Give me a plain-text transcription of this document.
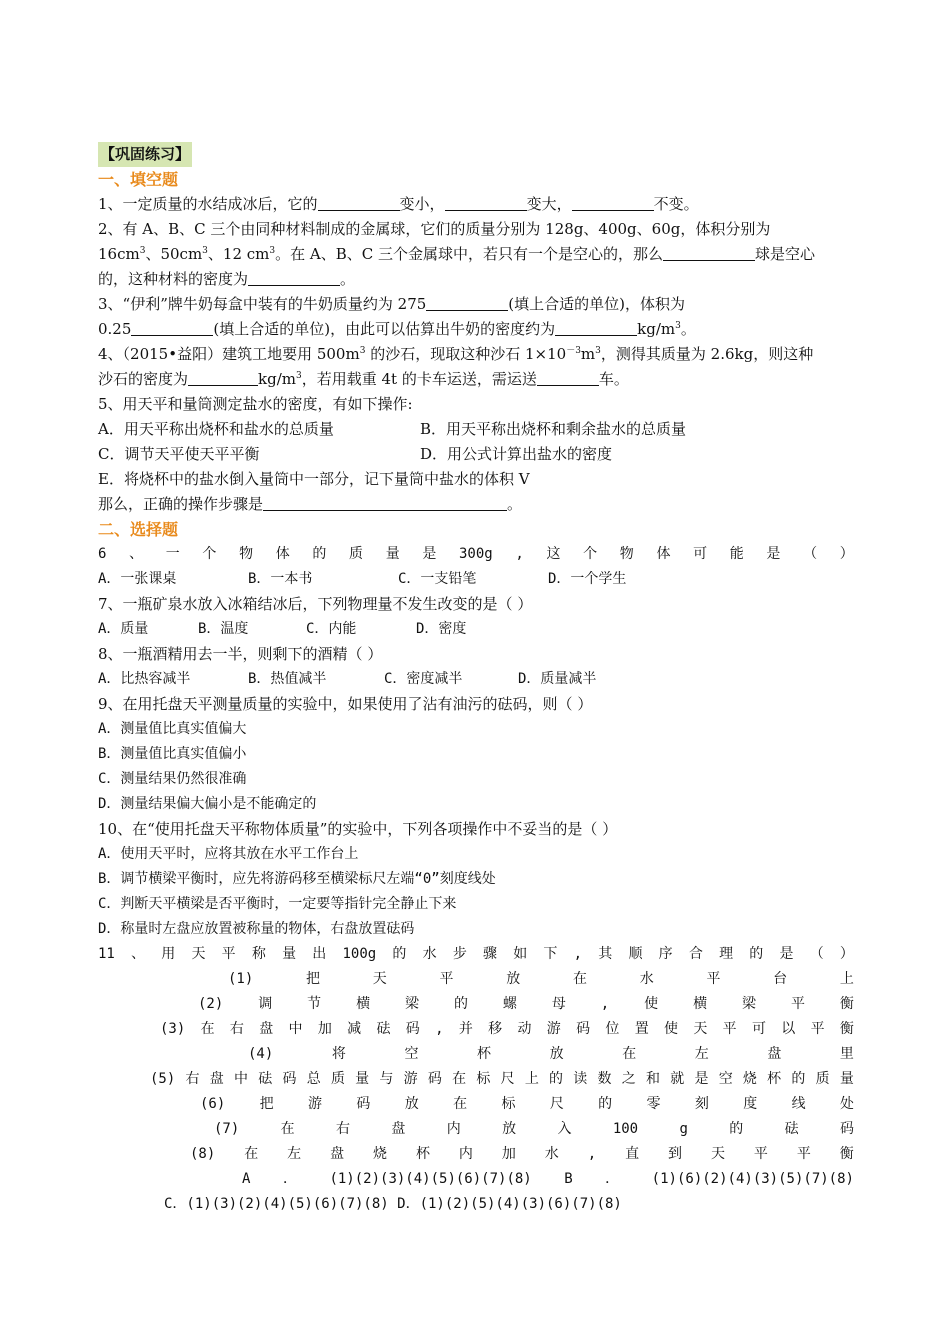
【巩固练习】
一、填空题
1、一定质量的水结成冰后，它的	变小，	变大，	不变。
2、有 A、B、C 三个由同种材料制成的金属球，它们的质量分别为 128g、400g、60g，体积分别为
$16cm^3$、$50cm^3$、12 $cm^3$。在 A、B、C 三个金属球中，若只有一个是空心的，那么	球是空心
的，这种材料的密度为	。
3、“伊利”牌牛奶每盒中装有的牛奶质量约为 275	(填上合适的单位)，体积为
0.25	(填上合适的单位)，由此可以估算出牛奶的密度约为	$kg/m^3$。
4、（2015•益阳）建筑工地要用 $500m^3$ 的沙石，现取这种沙石 $1\times 10^{-3}m^3$，测得其质量为 2.6kg，则这种
沙石的密度为	$kg/m^3$，若用载重 4t 的卡车运送，需运送	车。
5、用天平和量筒测定盐水的密度，有如下操作:
A．用天平称出烧杯和盐水的总质量	B．用天平称出烧杯和剩余盐水的总质量
C．调节天平使天平平衡	D．用公式计算出盐水的密度
E．将烧杯中的盐水倒入量筒中一部分，记下量筒中盐水的体积 V
那么，正确的操作步骤是	。
二、选择题
6 、 一 个 物 体 的 质 量 是 300g , 这 个 物 体 可 能 是 （ ）
A．一张课桌	B．一本书	C．一支铅笔	D．一个学生
7、一瓶矿泉水放入冰箱结冰后，下列物理量不发生改变的是（ ）
A．质量	B．温度	C．内能	D．密度
8、一瓶酒精用去一半，则剩下的酒精（ ）
A．比热容减半	B．热值减半	C．密度减半	D．质量减半
9、在用托盘天平测量质量的实验中，如果使用了沾有油污的砝码，则（ ）
A．测量值比真实值偏大
B．测量值比真实值偏小
C．测量结果仍然很准确
D．测量结果偏大偏小是不能确定的
10、在“使用托盘天平称物体质量”的实验中，下列各项操作中不妥当的是（ ）
A．使用天平时，应将其放在水平工作台上
B．调节横梁平衡时，应先将游码移至横梁标尺左端“0”刻度线处
C．判断天平横梁是否平衡时，一定要等指针完全静止下来
D．称量时左盘应放置被称量的物体，右盘放置砝码
11 、 用 天 平 称 量 出 100g 的 水 步 骤 如 下 , 其 顺 序 合 理 的 是 （ ）
(1)	把	天	平	放	在	水	平	台	上
(2) 调 节 横 梁 的 螺 母 , 使 横 梁 平 衡
(3) 在 右 盘 中 加 减 砝 码 , 并 移 动 游 码 位 置 使 天 平 可 以 平 衡
(4)	将	空	杯	放	在	左	盘	里
(5) 右 盘 中 砝 码 总 质 量 与 游 码 在 标 尺 上 的 读 数 之 和 就 是 空 烧 杯 的 质 量
(6) 把 游 码 放 在 标 尺 的 零 刻 度 线 处
(7)	在	右	盘	内	放	入	100	g	的	砝	码
(8) 在 左 盘 烧 杯 内 加 水 , 直 到 天 平 平 衡
A ． (1)(2)(3)(4)(5)(6)(7)(8) B ． (1)(6)(2)(4)(3)(5)(7)(8)
C．(1)(3)(2)(4)(5)(6)(7)(8) D．(1)(2)(5)(4)(3)(6)(7)(8)
